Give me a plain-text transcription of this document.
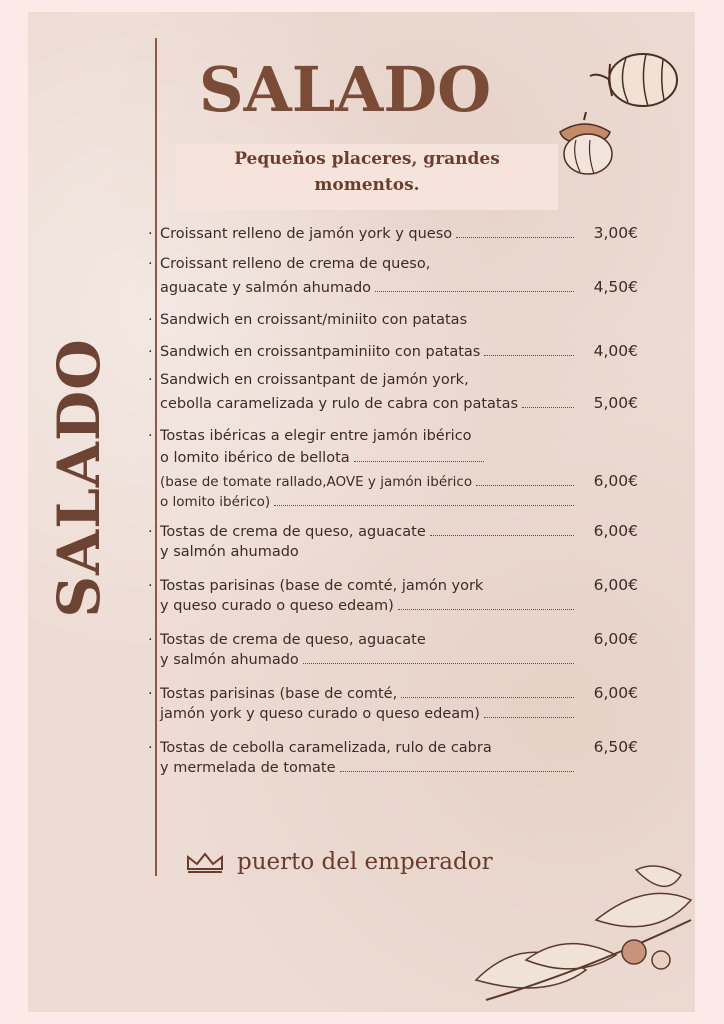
SALADO
SALADO
Pequeños placeres, grandes
momentos.
· Croissant relleno de jamón york y queso	3,00€
· Croissant relleno de crema de queso,
aguacate y salmón ahumado	4,50€
· Sandwich en croissant/miniito con patatas
· Sandwich en croissantpaminiito con patatas	4,00€
· Sandwich en croissantpant de jamón york,
cebolla caramelizada y rulo de cabra con patatas	5,00€
· Tostas ibéricas a elegir entre jamón ibérico
o lomito ibérico de bellota
(base de tomate rallado,AOVE y jamón ibérico	6,00€
o lomito ibérico)
· Tostas de crema de queso, aguacate	6,00€
y salmón ahumado
· Tostas parisinas (base de comté, jamón york	6,00€
y queso curado o queso edeam)
· Tostas de crema de queso, aguacate	6,00€
y salmón ahumado
· Tostas parisinas (base de comté,	6,00€
jamón york y queso curado o queso edeam)
· Tostas de cebolla caramelizada, rulo de cabra	6,50€
y mermelada de tomate
puerto del emperador
